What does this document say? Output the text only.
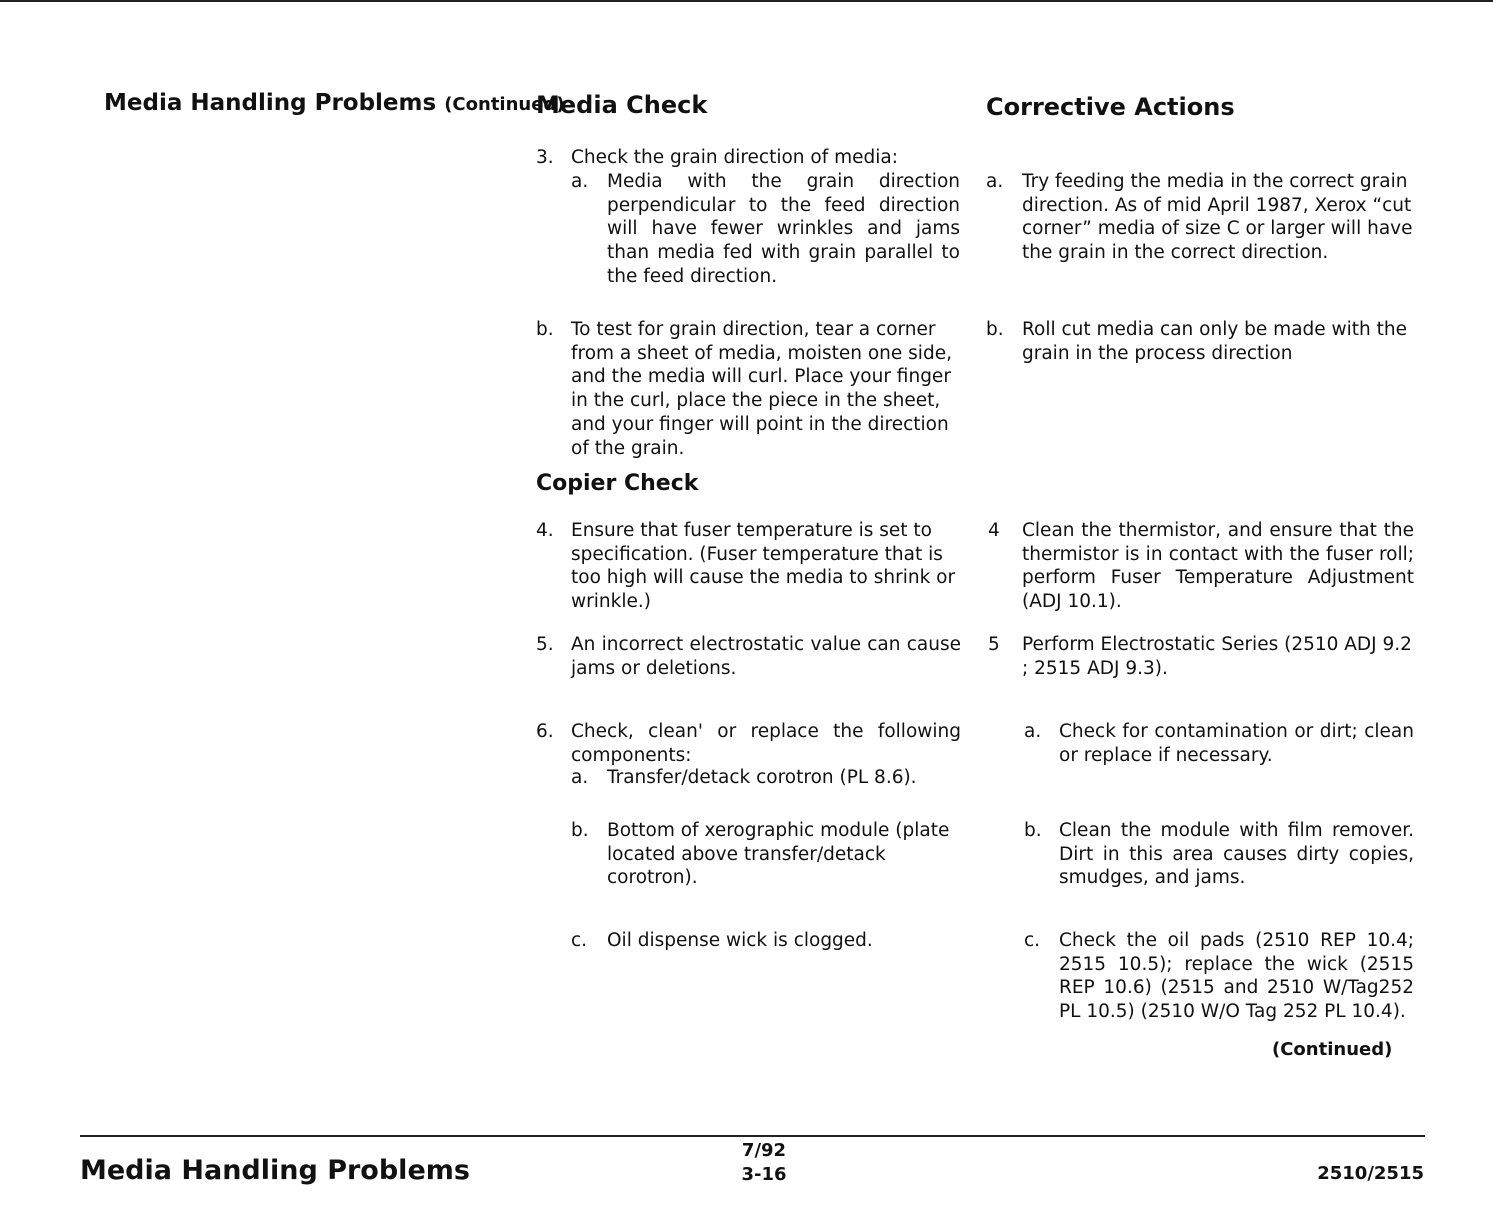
Media Handling Problems (Continued)
Media Check	Corrective Actions
3. Check the grain direction of media:
a. Media with the grain direction perpendicular to the feed direction will have fewer wrinkles and jams than media fed with grain parallel to the feed direction.
b. To test for grain direction, tear a corner from a sheet of media, moisten one side, and the media will curl. Place your finger in the curl, place the piece in the sheet, and your finger will point in the direction of the grain.
Copier Check
4. Ensure that fuser temperature is set to specification. (Fuser temperature that is too high will cause the media to shrink or wrinkle.)
5. An incorrect electrostatic value can cause jams or deletions.
6. Check, clean' or replace the following components:
a. Transfer/detack corotron (PL 8.6).
b. Bottom of xerographic module (plate located above transfer/detack corotron).
c. Oil dispense wick is clogged.
a. Try feeding the media in the correct grain direction. As of mid April 1987, Xerox “cut corner” media of size C or larger will have the grain in the correct direction.
b. Roll cut media can only be made with the grain in the process direction
4 Clean the thermistor, and ensure that the thermistor is in contact with the fuser roll; perform Fuser Temperature Adjustment (ADJ 10.1).
5 Perform Electrostatic Series (2510 ADJ 9.2 ; 2515 ADJ 9.3).
a. Check for contamination or dirt; clean or replace if necessary.
b. Clean the module with film remover. Dirt in this area causes dirty copies, smudges, and jams.
c. Check the oil pads (2510 REP 10.4; 2515 10.5); replace the wick (2515 REP 10.6) (2515 and 2510 W/Tag252 PL 10.5) (2510 W/O Tag 252 PL 10.4).
(Continued)
Media Handling Problems
7/92
3-16	2510/2515
